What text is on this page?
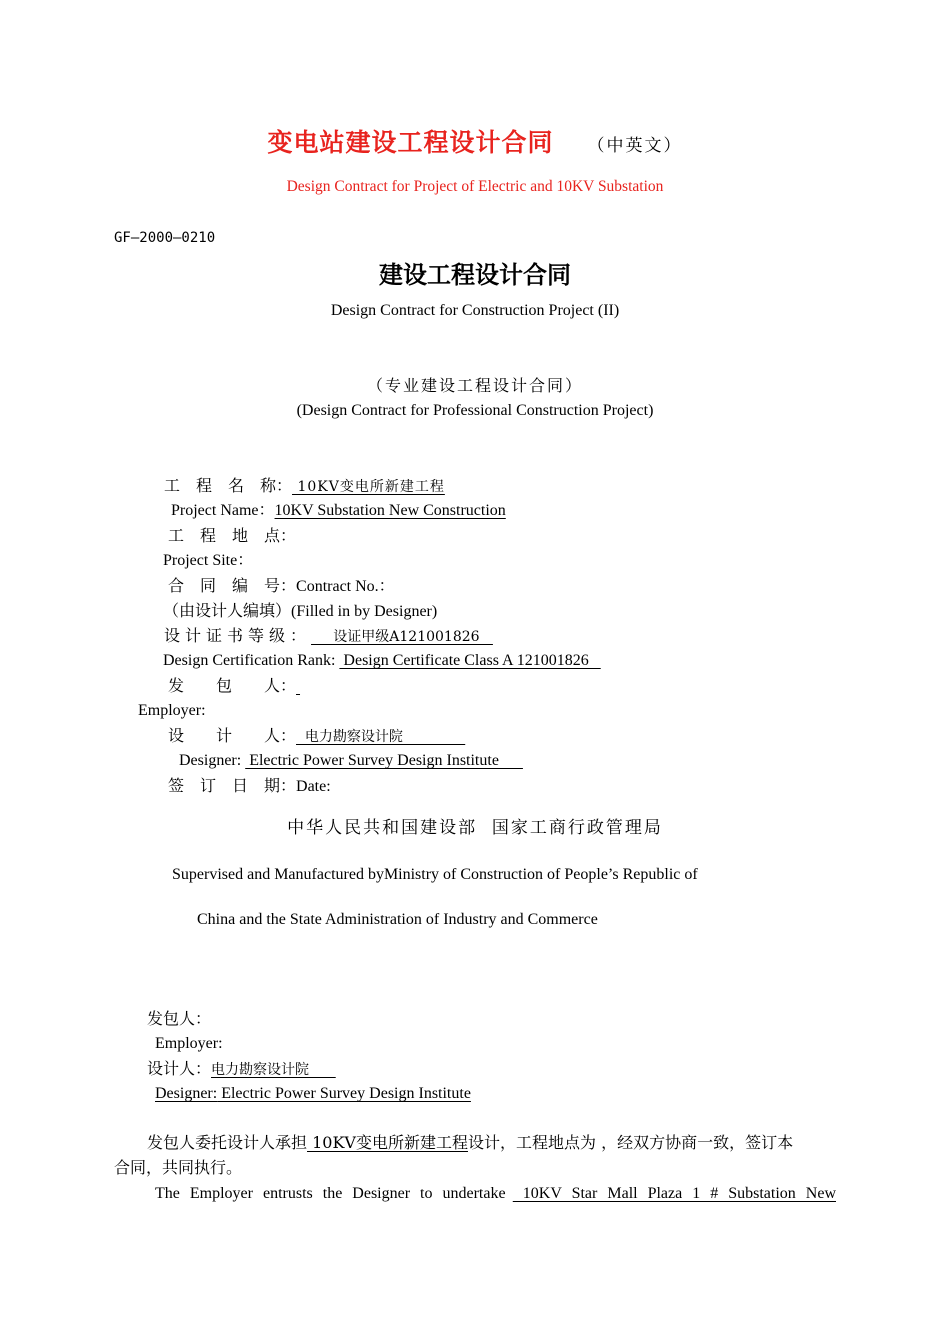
变电站建设工程设计合同 （中英文）
Design Contract for Project of Electric and 10KV Substation
GF—2000—0210
建设工程设计合同
Design Contract for Construction Project (II)
（专业建设工程设计合同）
(Design Contract for Professional Construction Project)
工　程　名　称： 10KV变电所新建工程
Project Name：10KV Substation New Construction
工　程　地　点：
Project Site：
合　同　编　号：Contract No.：
（由设计人编填）(Filled in by Designer)
设计证书等级：     设证甲级A121001826
Design Certification Rank:  Design Certificate Class A 121001826
发　　包　　人：
Employer:
设　　计　　人：  电力勘察设计院
Designer:  Electric Power Survey Design Institute
签　订　日　期：Date:
中华人民共和国建设部  国家工商行政管理局
Supervised and Manufactured byMinistry of Construction of People’s Republic of
China and the State Administration of Industry and Commerce
发包人：
Employer:
设计人：电力勘察设计院
Designer: Electric Power Survey Design Institute
发包人委托设计人承担 10KV变电所新建工程设计，工程地点为 ，经双方协商一致，签订本
合同，共同执行。
The Employer entrusts the Designer to undertake 10KV Star Mall Plaza 1 # Substation New
